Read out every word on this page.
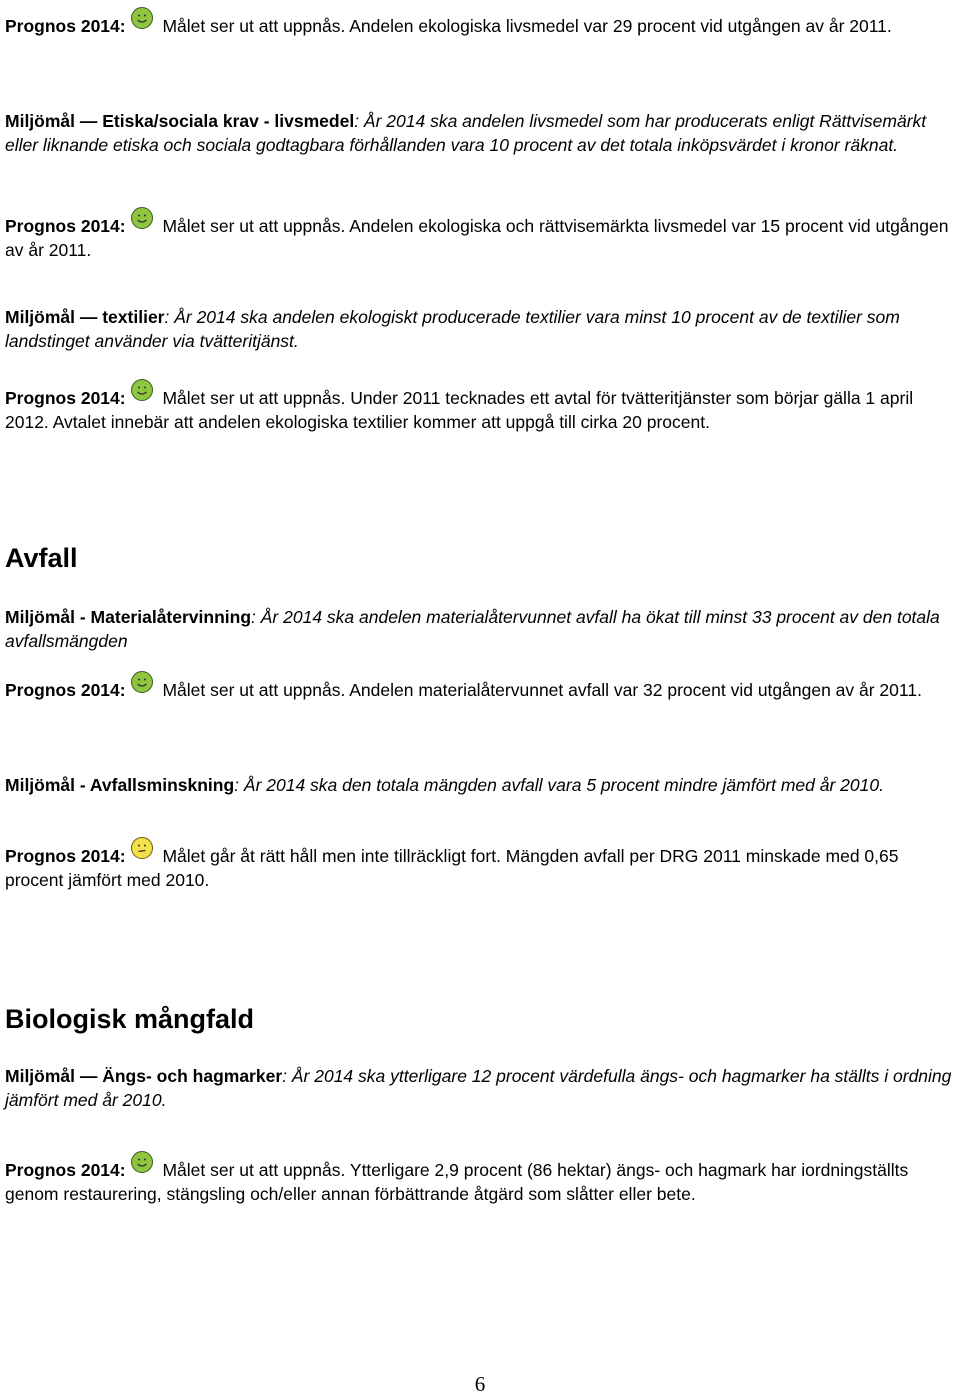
Prognos 2014: Målet ser ut att uppnås. Andelen ekologiska livsmedel var 29 procent vid utgången av år 2011.

Miljömål — Etiska/sociala krav - livsmedel: År 2014 ska andelen livsmedel som har producerats enligt Rättvisemärkt eller liknande etiska och sociala godtagbara förhållanden vara 10 procent av det totala inköpsvärdet i kronor räknat.

Prognos 2014: Målet ser ut att uppnås. Andelen ekologiska och rättvisemärkta livsmedel var 15 procent vid utgången av år 2011.

Miljömål — textilier: År 2014 ska andelen ekologiskt producerade textilier vara minst 10 procent av de textilier som landstinget använder via tvätteritjänst.

Prognos 2014: Målet ser ut att uppnås. Under 2011 tecknades ett avtal för tvätteritjänster som börjar gälla 1 april 2012. Avtalet innebär att andelen ekologiska textilier kommer att uppgå till cirka 20 procent.

Avfall

Miljömål - Materialåtervinning: År 2014 ska andelen materialåtervunnet avfall ha ökat till minst 33 procent av den totala avfallsmängden

Prognos 2014: Målet ser ut att uppnås. Andelen materialåtervunnet avfall var 32 procent vid utgången av år 2011.

Miljömål - Avfallsminskning: År 2014 ska den totala mängden avfall vara 5 procent mindre jämfört med år 2010.

Prognos 2014: Målet går åt rätt håll men inte tillräckligt fort. Mängden avfall per DRG 2011 minskade med 0,65 procent jämfört med 2010.

Biologisk mångfald

Miljömål — Ängs- och hagmarker: År 2014 ska ytterligare 12 procent värdefulla ängs- och hagmarker ha ställts i ordning jämfört med år 2010.

Prognos 2014: Målet ser ut att uppnås. Ytterligare 2,9 procent (86 hektar) ängs- och hagmark har iordningställts genom restaurering, stängsling och/eller annan förbättrande åtgärd som slåtter eller bete.

6
